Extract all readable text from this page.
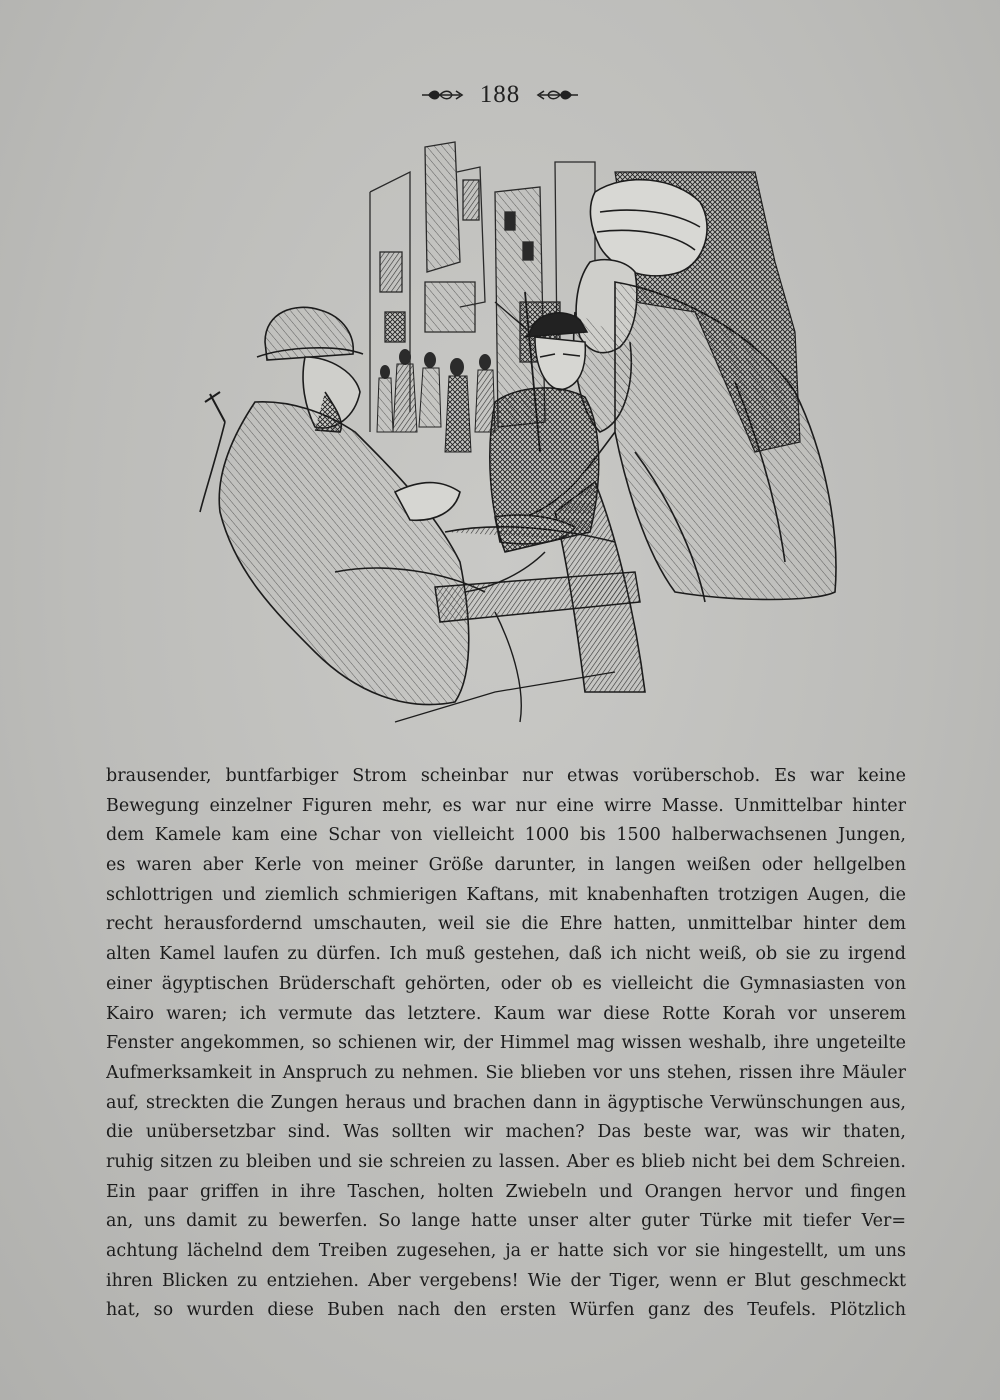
188
brausender, buntfarbiger Strom scheinbar nur etwas vorüberschob. Es war keine
Bewegung einzelner Figuren mehr, es war nur eine wirre Masse. Unmittelbar hinter
dem Kamele kam eine Schar von vielleicht 1000 bis 1500 halberwachsenen Jungen,
es waren aber Kerle von meiner Größe darunter, in langen weißen oder hellgelben
schlottrigen und ziemlich schmierigen Kaftans, mit knabenhaften trotzigen Augen, die
recht herausfordernd umschauten, weil sie die Ehre hatten, unmittelbar hinter dem
alten Kamel laufen zu dürfen. Ich muß gestehen, daß ich nicht weiß, ob sie zu irgend
einer ägyptischen Brüderschaft gehörten, oder ob es vielleicht die Gymnasiasten von
Kairo waren; ich vermute das letztere. Kaum war diese Rotte Korah vor unserem
Fenster angekommen, so schienen wir, der Himmel mag wissen weshalb, ihre ungeteilte
Aufmerksamkeit in Anspruch zu nehmen. Sie blieben vor uns stehen, rissen ihre Mäuler
auf, streckten die Zungen heraus und brachen dann in ägyptische Verwünschungen aus,
die unübersetzbar sind. Was sollten wir machen? Das beste war, was wir thaten,
ruhig sitzen zu bleiben und sie schreien zu lassen. Aber es blieb nicht bei dem Schreien.
Ein paar griffen in ihre Taschen, holten Zwiebeln und Orangen hervor und fingen
an, uns damit zu bewerfen. So lange hatte unser alter guter Türke mit tiefer Ver=
achtung lächelnd dem Treiben zugesehen, ja er hatte sich vor sie hingestellt, um uns
ihren Blicken zu entziehen. Aber vergebens! Wie der Tiger, wenn er Blut geschmeckt
hat, so wurden diese Buben nach den ersten Würfen ganz des Teufels. Plötzlich
